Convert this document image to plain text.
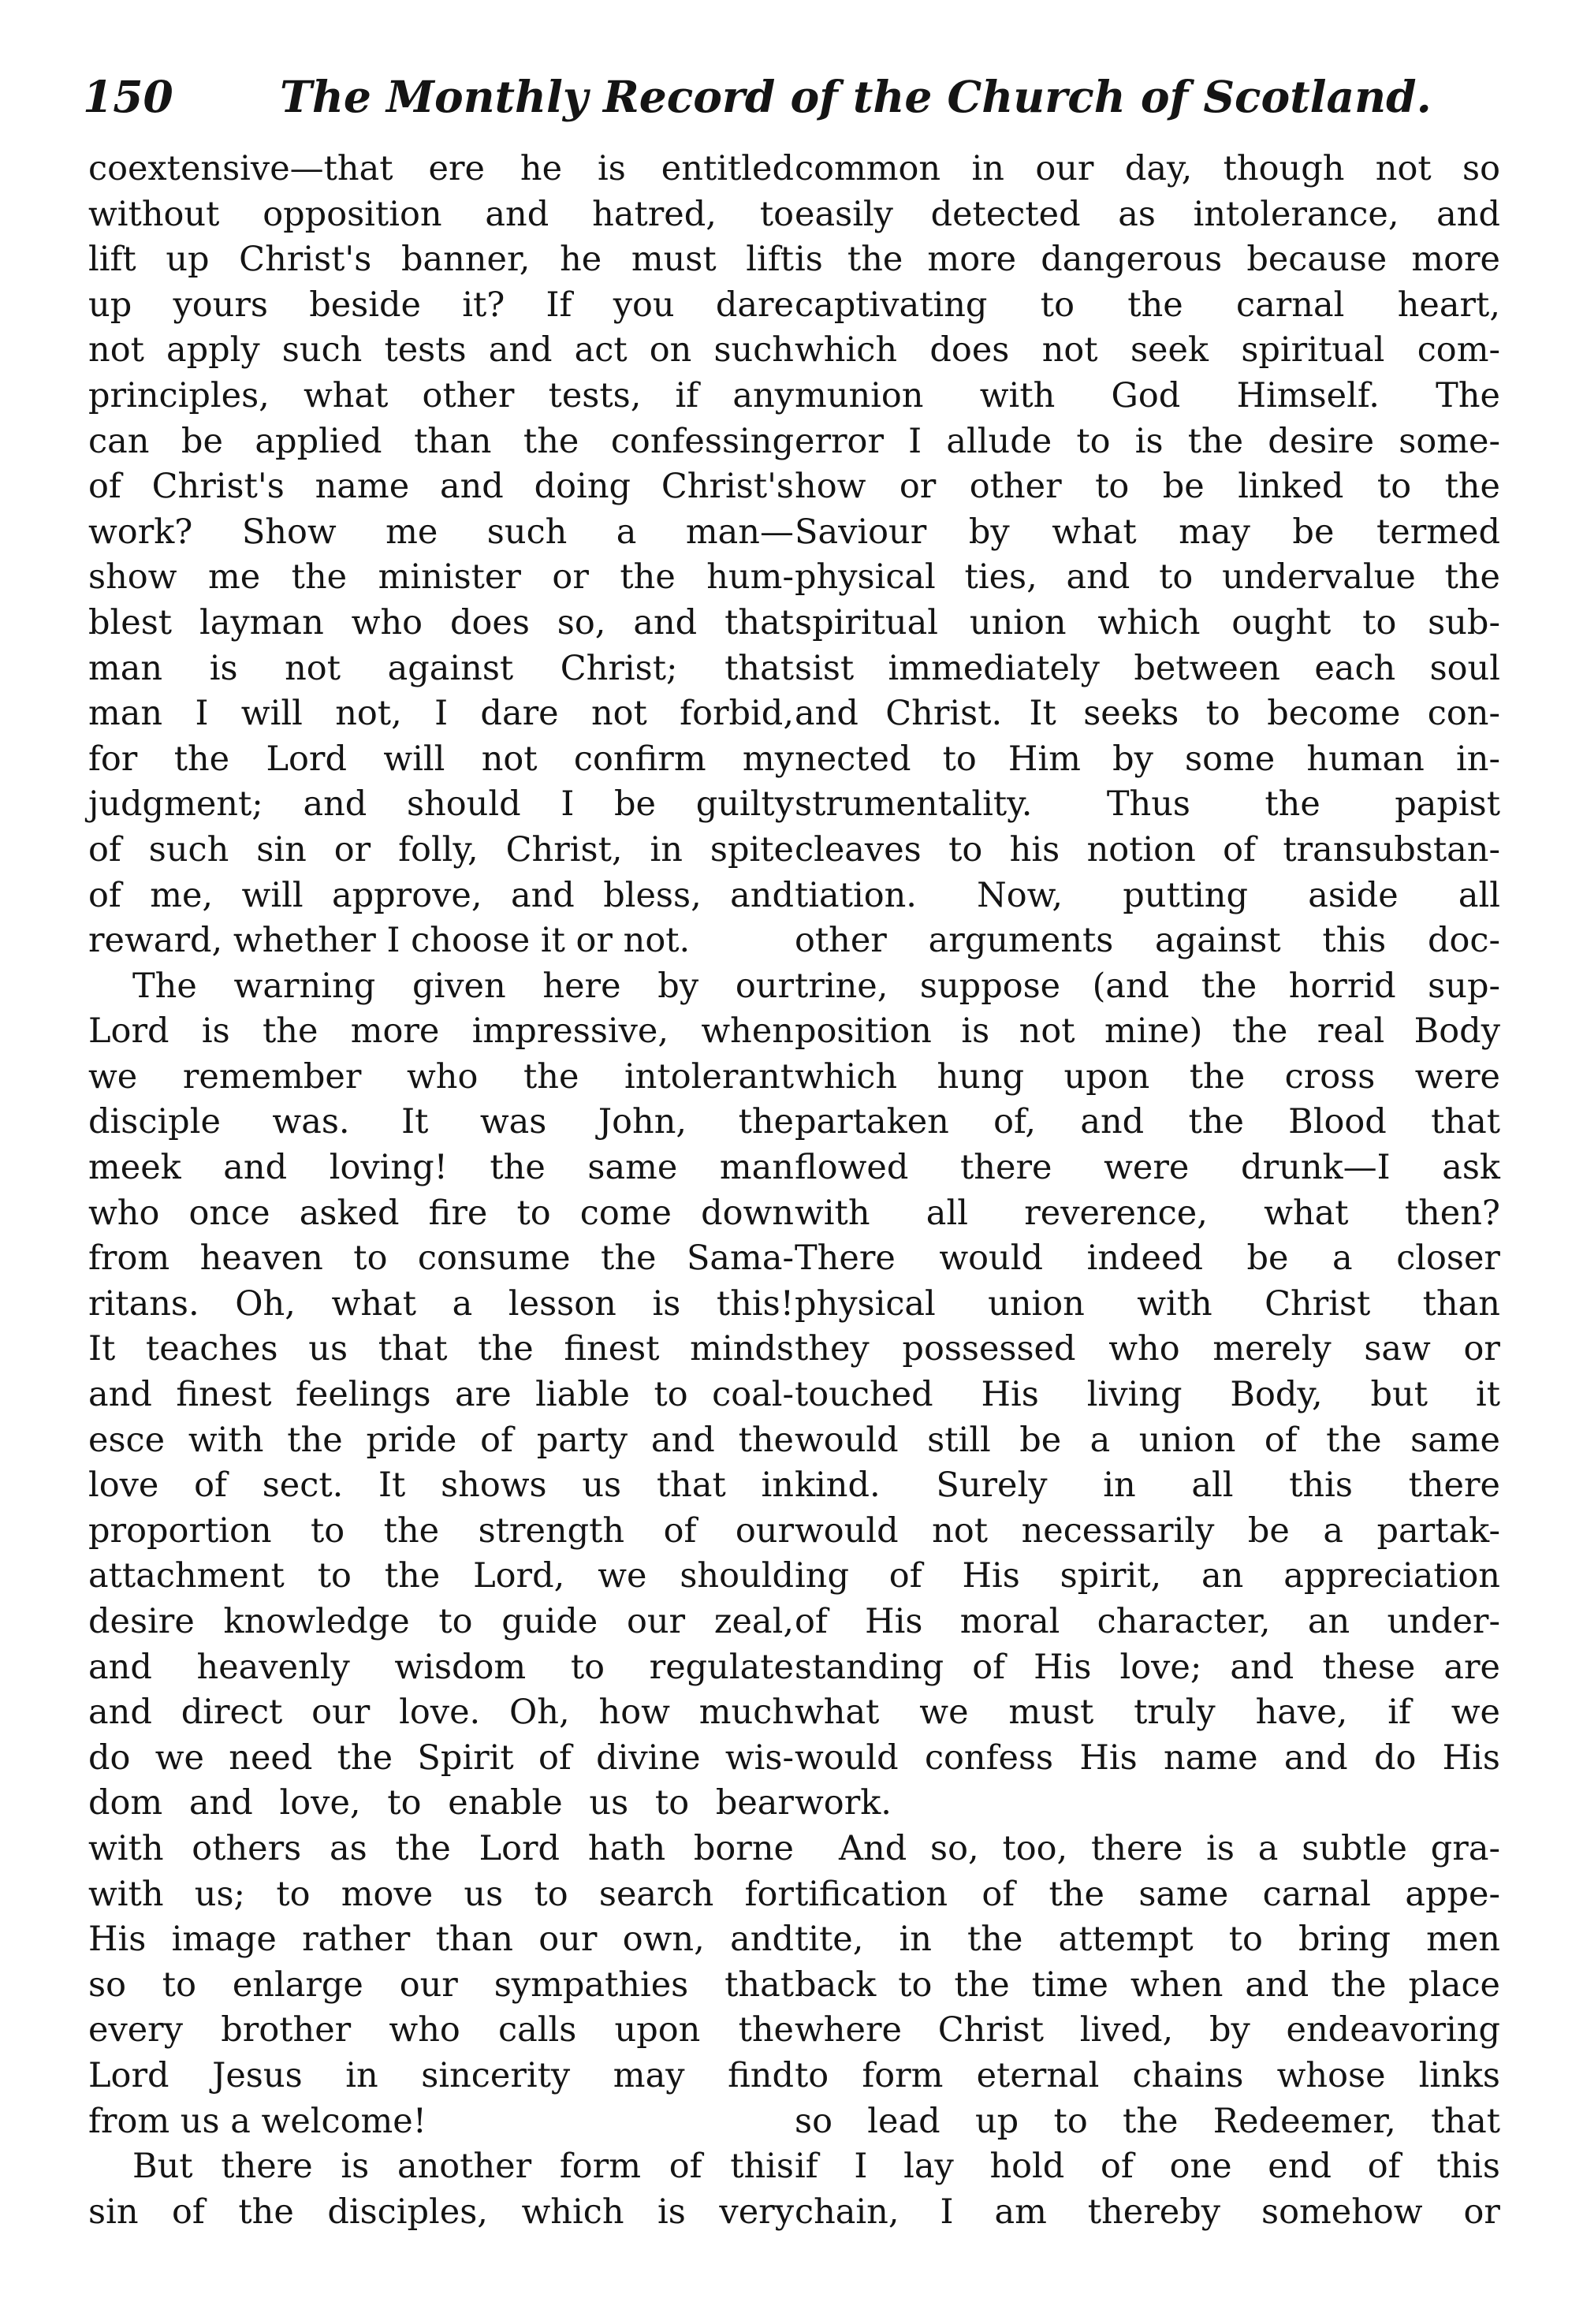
150 The Monthly Record of the Church of Scotland.
coextensive—that ere he is entitled
without opposition and hatred, to
lift up Christ's banner, he must lift
up yours beside it? If you dare
not apply such tests and act on such
principles, what other tests, if any
can be applied than the confessing
of Christ's name and doing Christ's
work? Show me such a man—
show me the minister or the hum-
blest layman who does so, and that
man is not against Christ; that
man I will not, I dare not forbid,
for the Lord will not confirm my
judgment; and should I be guilty
of such sin or folly, Christ, in spite
of me, will approve, and bless, and
reward, whether I choose it or not.
The warning given here by our
Lord is the more impressive, when
we remember who the intolerant
disciple was. It was John, the
meek and loving! the same man
who once asked fire to come down
from heaven to consume the Sama-
ritans. Oh, what a lesson is this!
It teaches us that the finest minds
and finest feelings are liable to coal-
esce with the pride of party and the
love of sect. It shows us that in
proportion to the strength of our
attachment to the Lord, we should
desire knowledge to guide our zeal,
and heavenly wisdom to regulate
and direct our love. Oh, how much
do we need the Spirit of divine wis-
dom and love, to enable us to bear
with others as the Lord hath borne
with us; to move us to search for
His image rather than our own, and
so to enlarge our sympathies that
every brother who calls upon the
Lord Jesus in sincerity may find
from us a welcome!
But there is another form of this
sin of the disciples, which is very
common in our day, though not so
easily detected as intolerance, and
is the more dangerous because more
captivating to the carnal heart,
which does not seek spiritual com-
munion with God Himself. The
error I allude to is the desire some-
how or other to be linked to the
Saviour by what may be termed
physical ties, and to undervalue the
spiritual union which ought to sub-
sist immediately between each soul
and Christ. It seeks to become con-
nected to Him by some human in-
strumentality. Thus the papist
cleaves to his notion of transubstan-
tiation. Now, putting aside all
other arguments against this doc-
trine, suppose (and the horrid sup-
position is not mine) the real Body
which hung upon the cross were
partaken of, and the Blood that
flowed there were drunk—I ask
with all reverence, what then?
There would indeed be a closer
physical union with Christ than
they possessed who merely saw or
touched His living Body, but it
would still be a union of the same
kind. Surely in all this there
would not necessarily be a partak-
ing of His spirit, an appreciation
of His moral character, an under-
standing of His love; and these are
what we must truly have, if we
would confess His name and do His
work.
And so, too, there is a subtle gra-
tification of the same carnal appe-
tite, in the attempt to bring men
back to the time when and the place
where Christ lived, by endeavoring
to form eternal chains whose links
so lead up to the Redeemer, that
if I lay hold of one end of this
chain, I am thereby somehow or
